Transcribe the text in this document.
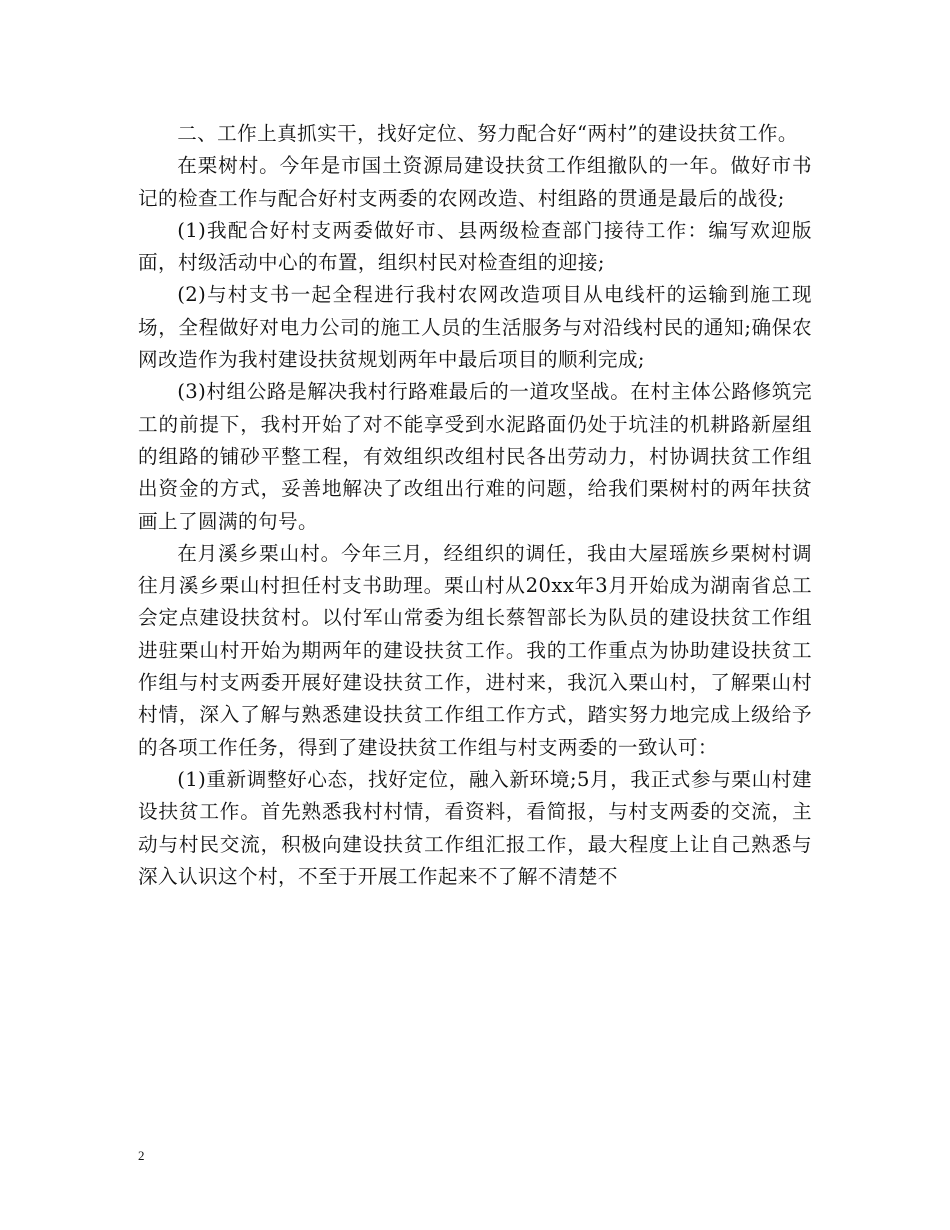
二、工作上真抓实干，找好定位、努力配合好“两村”的建设扶贫工作。

在栗树村。今年是市国土资源局建设扶贫工作组撤队的一年。做好市书记的检查工作与配合好村支两委的农网改造、村组路的贯通是最后的战役;

(1)我配合好村支两委做好市、县两级检查部门接待工作：编写欢迎版面，村级活动中心的布置，组织村民对检查组的迎接;

(2)与村支书一起全程进行我村农网改造项目从电线杆的运输到施工现场，全程做好对电力公司的施工人员的生活服务与对沿线村民的通知;确保农网改造作为我村建设扶贫规划两年中最后项目的顺利完成;

(3)村组公路是解决我村行路难最后的一道攻坚战。在村主体公路修筑完工的前提下，我村开始了对不能享受到水泥路面仍处于坑洼的机耕路新屋组的组路的铺砂平整工程，有效组织改组村民各出劳动力，村协调扶贫工作组出资金的方式，妥善地解决了改组出行难的问题，给我们栗树村的两年扶贫画上了圆满的句号。

在月溪乡栗山村。今年三月，经组织的调任，我由大屋瑶族乡栗树村调往月溪乡栗山村担任村支书助理。栗山村从20xx年3月开始成为湖南省总工会定点建设扶贫村。以付军山常委为组长蔡智部长为队员的建设扶贫工作组进驻栗山村开始为期两年的建设扶贫工作。我的工作重点为协助建设扶贫工作组与村支两委开展好建设扶贫工作，进村来，我沉入栗山村，了解栗山村村情，深入了解与熟悉建设扶贫工作组工作方式，踏实努力地完成上级给予的各项工作任务，得到了建设扶贫工作组与村支两委的一致认可：

(1)重新调整好心态，找好定位，融入新环境;5月，我正式参与栗山村建设扶贫工作。首先熟悉我村村情，看资料，看简报，与村支两委的交流，主动与村民交流，积极向建设扶贫工作组汇报工作，最大程度上让自己熟悉与深入认识这个村，不至于开展工作起来不了解不清楚不

2
